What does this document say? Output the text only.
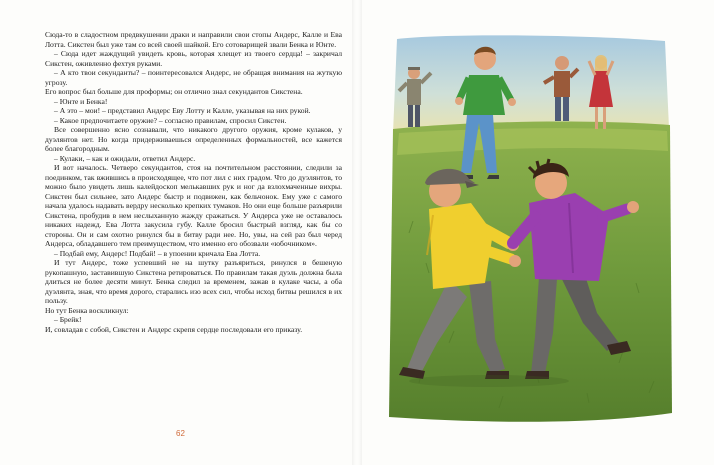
Сюда-то в сладостном предвкушении драки и направили свои стопы Андерс, Калле и Ева Лотта. Сикстен был уже там со всей своей шайкой. Его сотоварищей звали Бенка и Юнте.

– Сюда идет жаждущий увидеть кровь, которая хлещет из твоего сердца! – закричал Сикстен, оживленно фехтуя руками.

– А кто твои секунданты? – поинтересовался Андерс, не обращая внимания на жуткую угрозу.

Его вопрос был больше для проформы; он отлично знал секундантов Сикстена.

– Юнте и Бенка!

– А это – мои! – представил Андерс Еву Лотту и Калле, указывая на них рукой.

– Какое предпочитаете оружие? – согласно правилам, спросил Сикстен.

Все совершенно ясно сознавали, что никакого другого оружия, кроме кулаков, у дуэлянтов нет. Но когда придерживаешься определенных формальностей, все кажется более благородным.

– Кулаки, – как и ожидали, ответил Андерс.

И вот началось. Четверо секундантов, стоя на почтительном расстоянии, следили за поединком, так вжившись в происходящее, что пот лил с них градом. Что до дуэлянтов, то можно было увидеть лишь калейдоскоп мелькавших рук и ног да взлохмаченные вихры. Сикстен был сильнее, зато Андерс быстр и подвижен, как бельчонок. Ему уже с самого начала удалось надавать вердрy несколько крепких тумаков. Но они еще больше разъярили Сикстена, пробудив в нем неслыханную жажду сражаться. У Андерса уже не оставалось никаких надежд. Ева Лотта закусила губу. Калле бросил быстрый взгляд, как бы со стороны. Он и сам охотно ринулся бы в битву ради нее. Но, увы, на сей раз был черед Андерса, обладавшего тем преимуществом, что именно его обозвали «юбочником».

– Подбай ему, Андерс! Подбай! – в упоении кричала Ева Лотта.

И тут Андерс, тоже успевший не на шутку разъяриться, ринулся в бешеную рукопашную, заставившую Сикстена ретироваться. По правилам такая дуэль должна была длиться не более десяти минут. Бенка следил за временем, зажав в кулаке часы, а оба дуэлянта, зная, что время дорого, старались изо всех сил, чтобы исход битвы решился в их пользу.

Но тут Бенка воскликнул:

– Брейк!

И, совладав с собой, Сикстен и Андерс скрепя сердце последовали его приказу.

62
